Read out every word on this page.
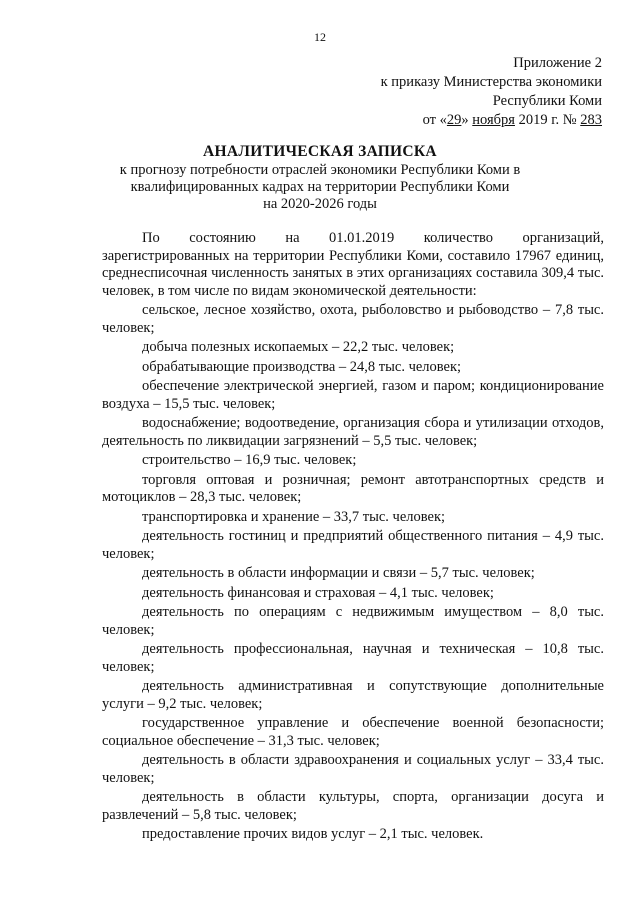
12
Приложение 2
к приказу Министерства экономики
Республики Коми
от «29» ноября 2019 г. № 283
АНАЛИТИЧЕСКАЯ ЗАПИСКА
к прогнозу потребности отраслей экономики Республики Коми в
квалифицированных кадрах на территории Республики Коми
на 2020-2026 годы

По состоянию на 01.01.2019 количество организаций, зарегистрированных на территории Республики Коми, составило 17967 единиц, среднесписочная численность занятых в этих организациях составила 309,4 тыс. человек, в том числе по видам экономической деятельности:

сельское, лесное хозяйство, охота, рыболовство и рыбоводство – 7,8 тыс. человек;

добыча полезных ископаемых – 22,2 тыс. человек;

обрабатывающие производства – 24,8 тыс. человек;

обеспечение электрической энергией, газом и паром; кондиционирование воздуха – 15,5 тыс. человек;

водоснабжение; водоотведение, организация сбора и утилизации отходов, деятельность по ликвидации загрязнений – 5,5 тыс. человек;

строительство – 16,9 тыс. человек;

торговля оптовая и розничная; ремонт автотранспортных средств и мотоциклов – 28,3 тыс. человек;

транспортировка и хранение – 33,7 тыс. человек;

деятельность гостиниц и предприятий общественного питания – 4,9 тыс. человек;

деятельность в области информации и связи – 5,7 тыс. человек;

деятельность финансовая и страховая – 4,1 тыс. человек;

деятельность по операциям с недвижимым имуществом – 8,0 тыс. человек;

деятельность профессиональная, научная и техническая – 10,8 тыс. человек;

деятельность административная и сопутствующие дополнительные услуги – 9,2 тыс. человек;

государственное управление и обеспечение военной безопасности; социальное обеспечение – 31,3 тыс. человек;

деятельность в области здравоохранения и социальных услуг – 33,4 тыс. человек;

деятельность в области культуры, спорта, организации досуга и развлечений – 5,8 тыс. человек;

предоставление прочих видов услуг – 2,1 тыс. человек.
